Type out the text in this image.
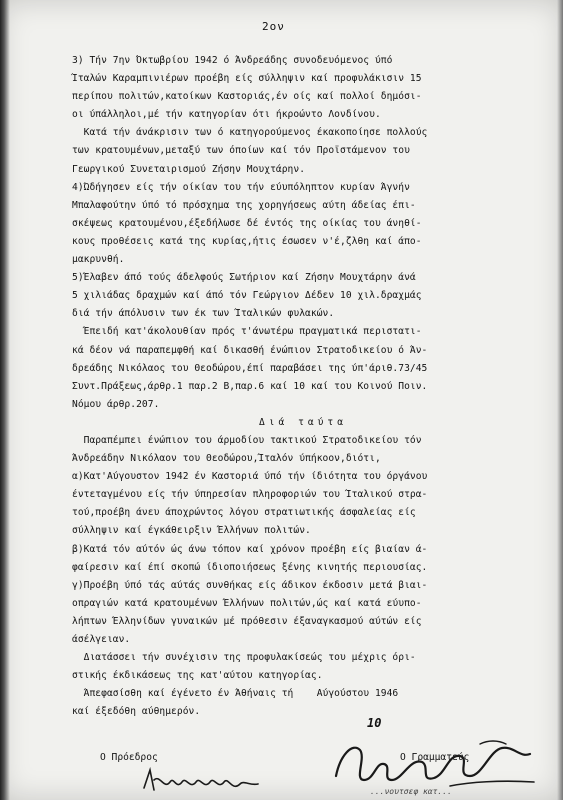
2ον
3) Τήν 7ην Όκτωβρίου 1942 ό Άνδρεάδης συνοδευόμενος ύπό
Ίταλών Καραμπινιέρων προέβη είς σύλληψιν καί προφυλάκισιν 15
περίπου πολιτών,κατοίκων Καστοριάς,έν οίς καί πολλοί δημόσι-
οι ύπάλληλοι,μέ τήν κατηγορίαν ότι ήκροώντο Λονδίνου.
Κατά τήν άνάκρισιν των ό κατηγορούμενος έκακοποίησε πολλούς
των κρατουμένων,μεταξύ των όποίων καί τόν Προϊστάμενον του
Γεωργικού Συνεταιρισμού Ζήσην Μουχτάρην.
4)Ώδήγησεν είς τήν οίκίαν του τήν εύυπόληπτον κυρίαν Άγνήν
Μπαλαφούτην ύπό τό πρόσχημα της χορηγήσεως αύτη άδείας έπι-
σκέψεως κρατουμένου,έξεδήλωσε δέ έντός της οίκίας του άνηθί-
κους προθέσεις κατά της κυρίας,ήτις έσωσεν ν'έ,ζλθη καί άπο-
μακρυνθή.
5)Έλαβεν άπό τούς άδελφούς Σωτήριον καί Ζήσην Μουχτάρην άνά
5 χιλιάδας δραχμών καί άπό τόν Γεώργιον Δέδεν 10 χιλ.δραχμάς
διά τήν άπόλυσιν των έκ των Ίταλικών φυλακών.
Έπειδή κατ'άκολουθίαν πρός τ'άνωτέρω πραγματικά περιστατι-
κά δέον νά παραπεμφθή καί δικασθή ένώπιον Στρατοδικείου ό Άν-
δρεάδης Νικόλαος του Θεοδώρου,έπί παραβάσει της ύπ'άριθ.73/45
Συντ.Πράξεως,άρθρ.1 παρ.2 Β,παρ.6 καί 10 καί του Κοινού Ποιν.
Νόμου άρθρ.207.
Διά ταύτα
Παραπέμπει ένώπιον του άρμοδίου τακτικού Στρατοδικείου τόν
Άνδρεάδην Νικόλαον του Θεοδώρου,Ίταλόν ύπήκοον,διότι,
α)Κατ'Αύγουστον 1942 έν Καστοριά ύπό τήν ίδιότητα του όργάνου
έντεταγμένου είς τήν ύπηρεσίαν πληροφοριών του Ίταλικού στρα-
τού,προέβη άνευ άποχρώντος λόγου στρατιωτικής άσφαλείας είς
σύλληψιν καί έγκάθειρξιν Έλλήνων πολιτών.
β)Κατά τόν αύτόν ώς άνω τόπον καί χρόνον προέβη είς βιαίαν ά-
φαίρεσιν καί έπί σκοπώ ίδιοποιήσεως ξένης κινητής περιουσίας.
γ)Προέβη ύπό τάς αύτάς συνθήκας είς άδικον έκδοσιν μετά βιαι-
οπραγιών κατά κρατουμένων Έλλήνων πολιτών,ώς καί κατά εύυπο-
λήπτων Έλληνίδων γυναικών μέ πρόθεσιν έξαναγκασμού αύτών είς
άσέλγειαν.
Διατάσσει τήν συνέχισιν της προφυλακίσεώς του μέχρις όρι-
στικής έκδικάσεως της κατ'αύτου κατηγορίας.
Άπεφασίσθη καί έγένετο έν Άθήναις τή    Αύγούστου 1946
καί έξεδόθη αύθημερόν.
10
Ο Πρόεδρος	Ο Γραμματεύς
...νουτσεφ κατ...
